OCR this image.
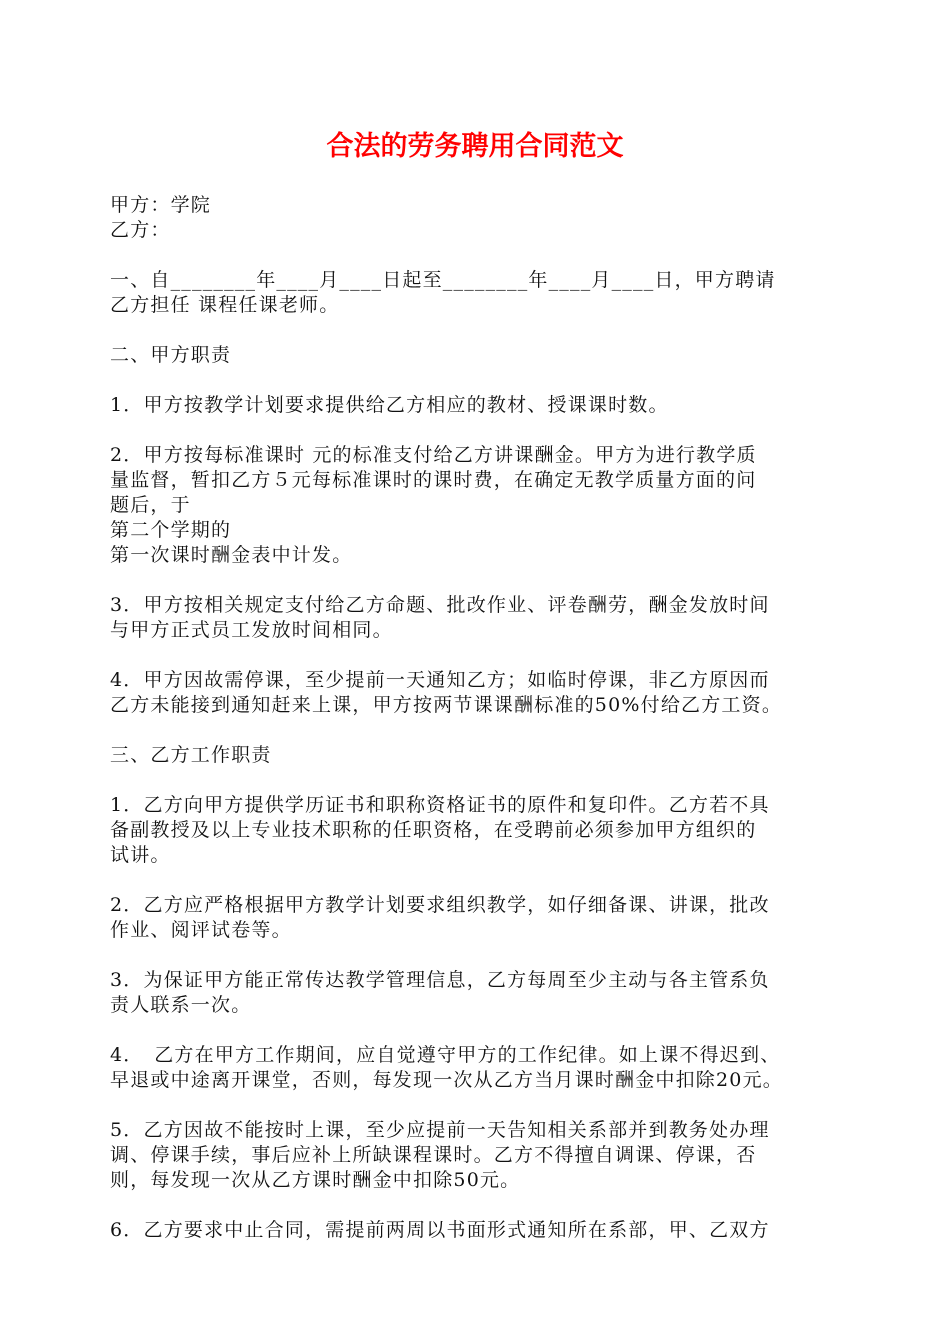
合法的劳务聘用合同范文
甲方：学院
乙方：
一、自________年____月____日起至________年____月____日，甲方聘请
乙方担任 课程任课老师。
二、甲方职责
1．甲方按教学计划要求提供给乙方相应的教材、授课课时数。
2．甲方按每标准课时 元的标准支付给乙方讲课酬金。甲方为进行教学质
量监督，暂扣乙方５元每标准课时的课时费，在确定无教学质量方面的问
题后，于
第二个学期的
第一次课时酬金表中计发。
3．甲方按相关规定支付给乙方命题、批改作业、评卷酬劳，酬金发放时间
与甲方正式员工发放时间相同。
4．甲方因故需停课，至少提前一天通知乙方；如临时停课，非乙方原因而
乙方未能接到通知赶来上课，甲方按两节课课酬标准的50%付给乙方工资。
三、乙方工作职责
1．乙方向甲方提供学历证书和职称资格证书的原件和复印件。乙方若不具
备副教授及以上专业技术职称的任职资格，在受聘前必须参加甲方组织的
试讲。
2．乙方应严格根据甲方教学计划要求组织教学，如仔细备课、讲课，批改
作业、阅评试卷等。
3．为保证甲方能正常传达教学管理信息，乙方每周至少主动与各主管系负
责人联系一次。
4．　乙方在甲方工作期间，应自觉遵守甲方的工作纪律。如上课不得迟到、
早退或中途离开课堂，否则，每发现一次从乙方当月课时酬金中扣除20元。
5．乙方因故不能按时上课，至少应提前一天告知相关系部并到教务处办理
调、停课手续，事后应补上所缺课程课时。乙方不得擅自调课、停课，否
则，每发现一次从乙方课时酬金中扣除50元。
6．乙方要求中止合同，需提前两周以书面形式通知所在系部，甲、乙双方
